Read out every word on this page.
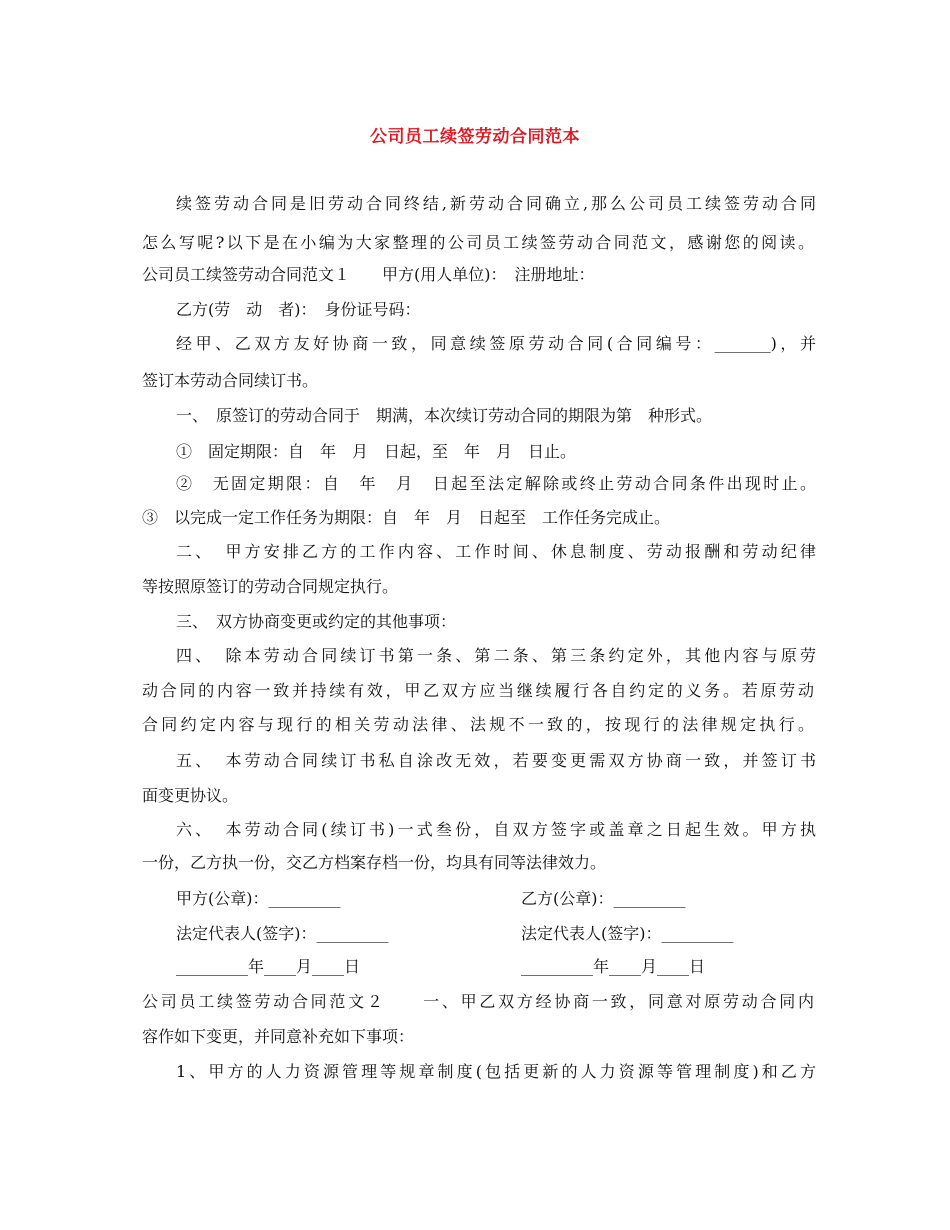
公司员工续签劳动合同范本
续签劳动合同是旧劳动合同终结,新劳动合同确立,那么公司员工续签劳动合同
怎么写呢?以下是在小编为大家整理的公司员工续签劳动合同范文，感谢您的阅读。
公司员工续签劳动合同范文１　　甲方(用人单位)：　注册地址：
乙方(劳　动　者)：　身份证号码：
经甲、乙双方友好协商一致，同意续签原劳动合同(合同编号：_______)，并
签订本劳动合同续订书。
一、　原签订的劳动合同于　期满，本次续订劳动合同的期限为第　种形式。
①　固定期限：自　年　月　日起，至　年　月　日止。
②　无固定期限：自　年　月　日起至法定解除或终止劳动合同条件出现时止。
③　以完成一定工作任务为期限：自　年　月　日起至　工作任务完成止。
二、　甲方安排乙方的工作内容、工作时间、休息制度、劳动报酬和劳动纪律
等按照原签订的劳动合同规定执行。
三、　双方协商变更或约定的其他事项：
四、　除本劳动合同续订书第一条、第二条、第三条约定外，其他内容与原劳
动合同的内容一致并持续有效，甲乙双方应当继续履行各自约定的义务。若原劳动
合同约定内容与现行的相关劳动法律、法规不一致的，按现行的法律规定执行。
五、　本劳动合同续订书私自涂改无效，若要变更需双方协商一致，并签订书
面变更协议。
六、　本劳动合同(续订书)一式叁份，自双方签字或盖章之日起生效。甲方执
一份，乙方执一份，交乙方档案存档一份，均具有同等法律效力。
甲方(公章)：_________	乙方(公章)：_________
法定代表人(签字)：_________	法定代表人(签字)：_________
_________年____月____日	_________年____月____日
公司员工续签劳动合同范文２　　一、甲乙双方经协商一致，同意对原劳动合同内
容作如下变更，并同意补充如下事项：
1、甲方的人力资源管理等规章制度(包括更新的人力资源等管理制度)和乙方
